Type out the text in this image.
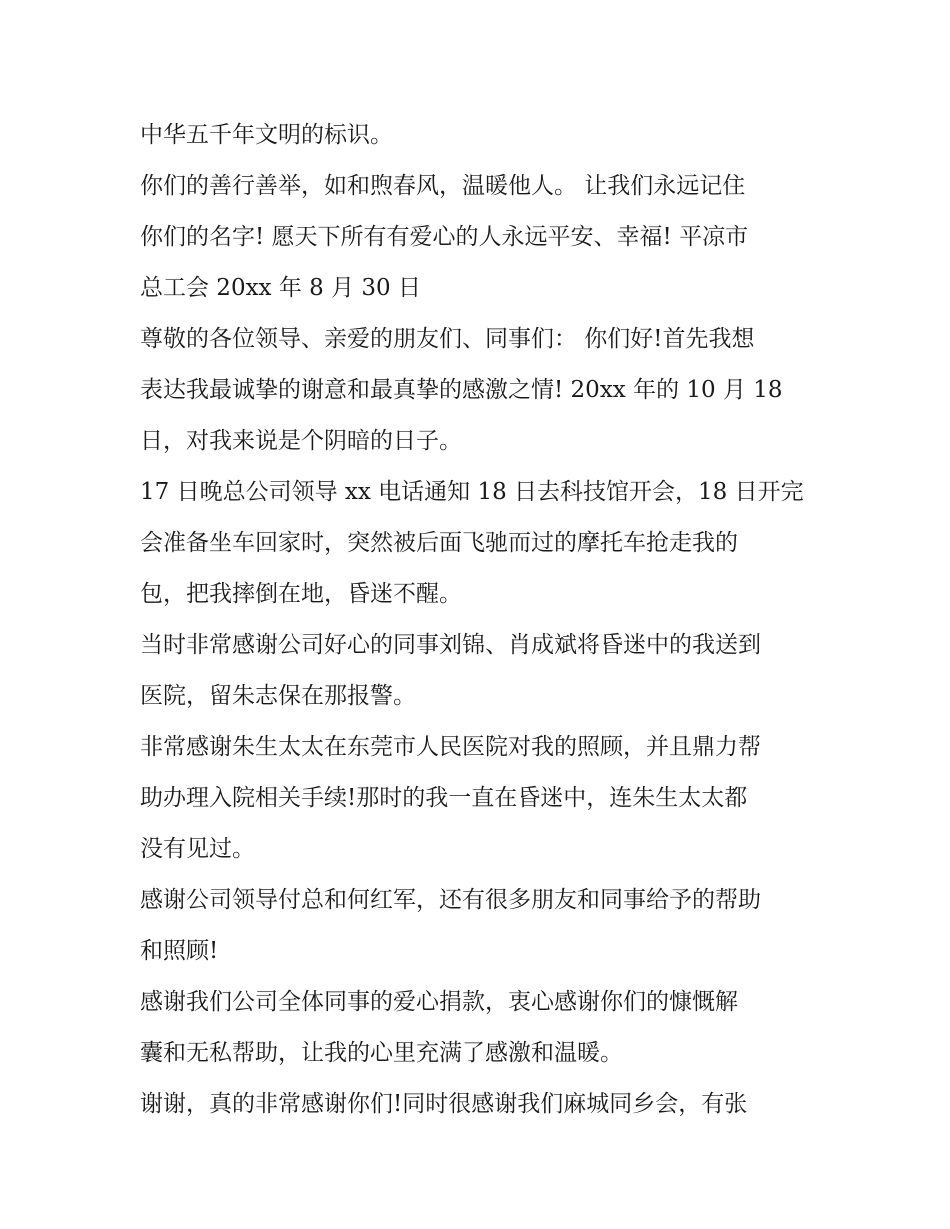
中华五千年文明的标识。
你们的善行善举，如和煦春风，温暖他人。 让我们永远记住
你们的名字! 愿天下所有有爱心的人永远平安、幸福! 平凉市
总工会 20xx 年 8 月 30 日
尊敬的各位领导、亲爱的朋友们、同事们： 你们好!首先我想
表达我最诚挚的谢意和最真挚的感激之情! 20xx 年的 10 月 18
日，对我来说是个阴暗的日子。
17 日晚总公司领导 xx 电话通知 18 日去科技馆开会，18 日开完
会准备坐车回家时，突然被后面飞驰而过的摩托车抢走我的
包，把我摔倒在地，昏迷不醒。
当时非常感谢公司好心的同事刘锦、肖成斌将昏迷中的我送到
医院，留朱志保在那报警。
非常感谢朱生太太在东莞市人民医院对我的照顾，并且鼎力帮
助办理入院相关手续!那时的我一直在昏迷中，连朱生太太都
没有见过。
感谢公司领导付总和何红军，还有很多朋友和同事给予的帮助
和照顾!
感谢我们公司全体同事的爱心捐款，衷心感谢你们的慷慨解
囊和无私帮助，让我的心里充满了感激和温暖。
谢谢，真的非常感谢你们!同时很感谢我们麻城同乡会，有张
